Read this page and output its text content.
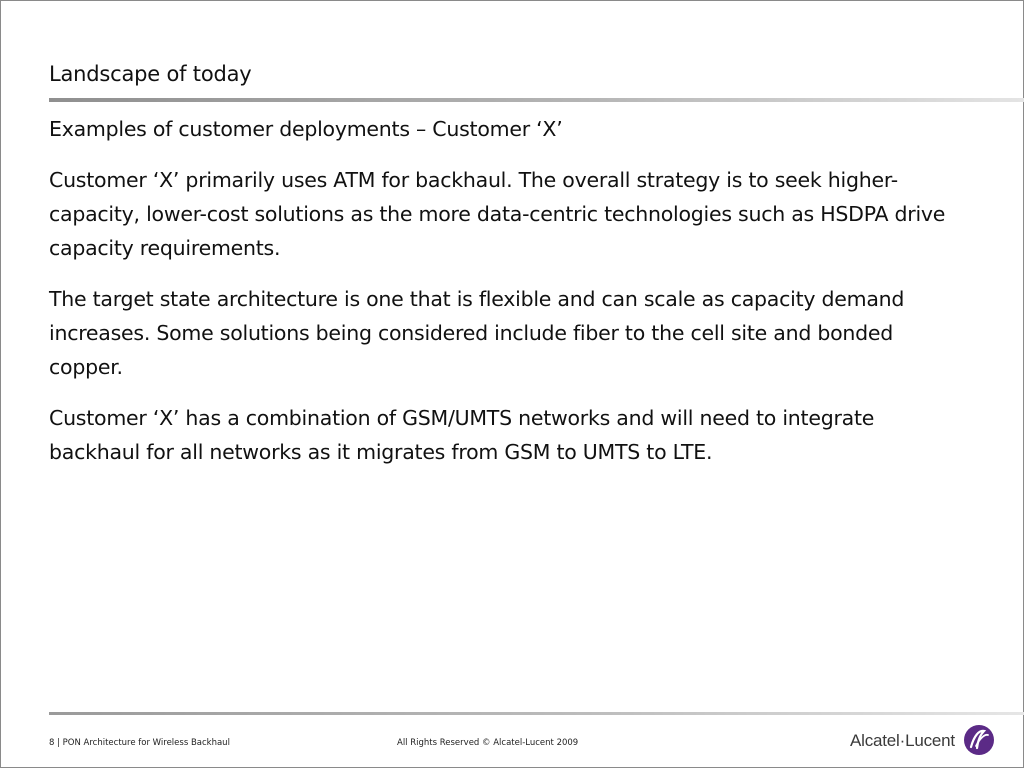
Landscape of today

Examples of customer deployments – Customer ‘X’

Customer ‘X’ primarily uses ATM for backhaul. The overall strategy is to seek higher-capacity, lower-cost solutions as the more data-centric technologies such as HSDPA drive capacity requirements.

The target state architecture is one that is flexible and can scale as capacity demand increases. Some solutions being considered include fiber to the cell site and bonded copper.

Customer ‘X’ has a combination of GSM/UMTS networks and will need to integrate backhaul for all networks as it migrates from GSM to UMTS to LTE.

8 | PON Architecture for Wireless Backhaul	All Rights Reserved © Alcatel-Lucent 2009	Alcatel·Lucent
